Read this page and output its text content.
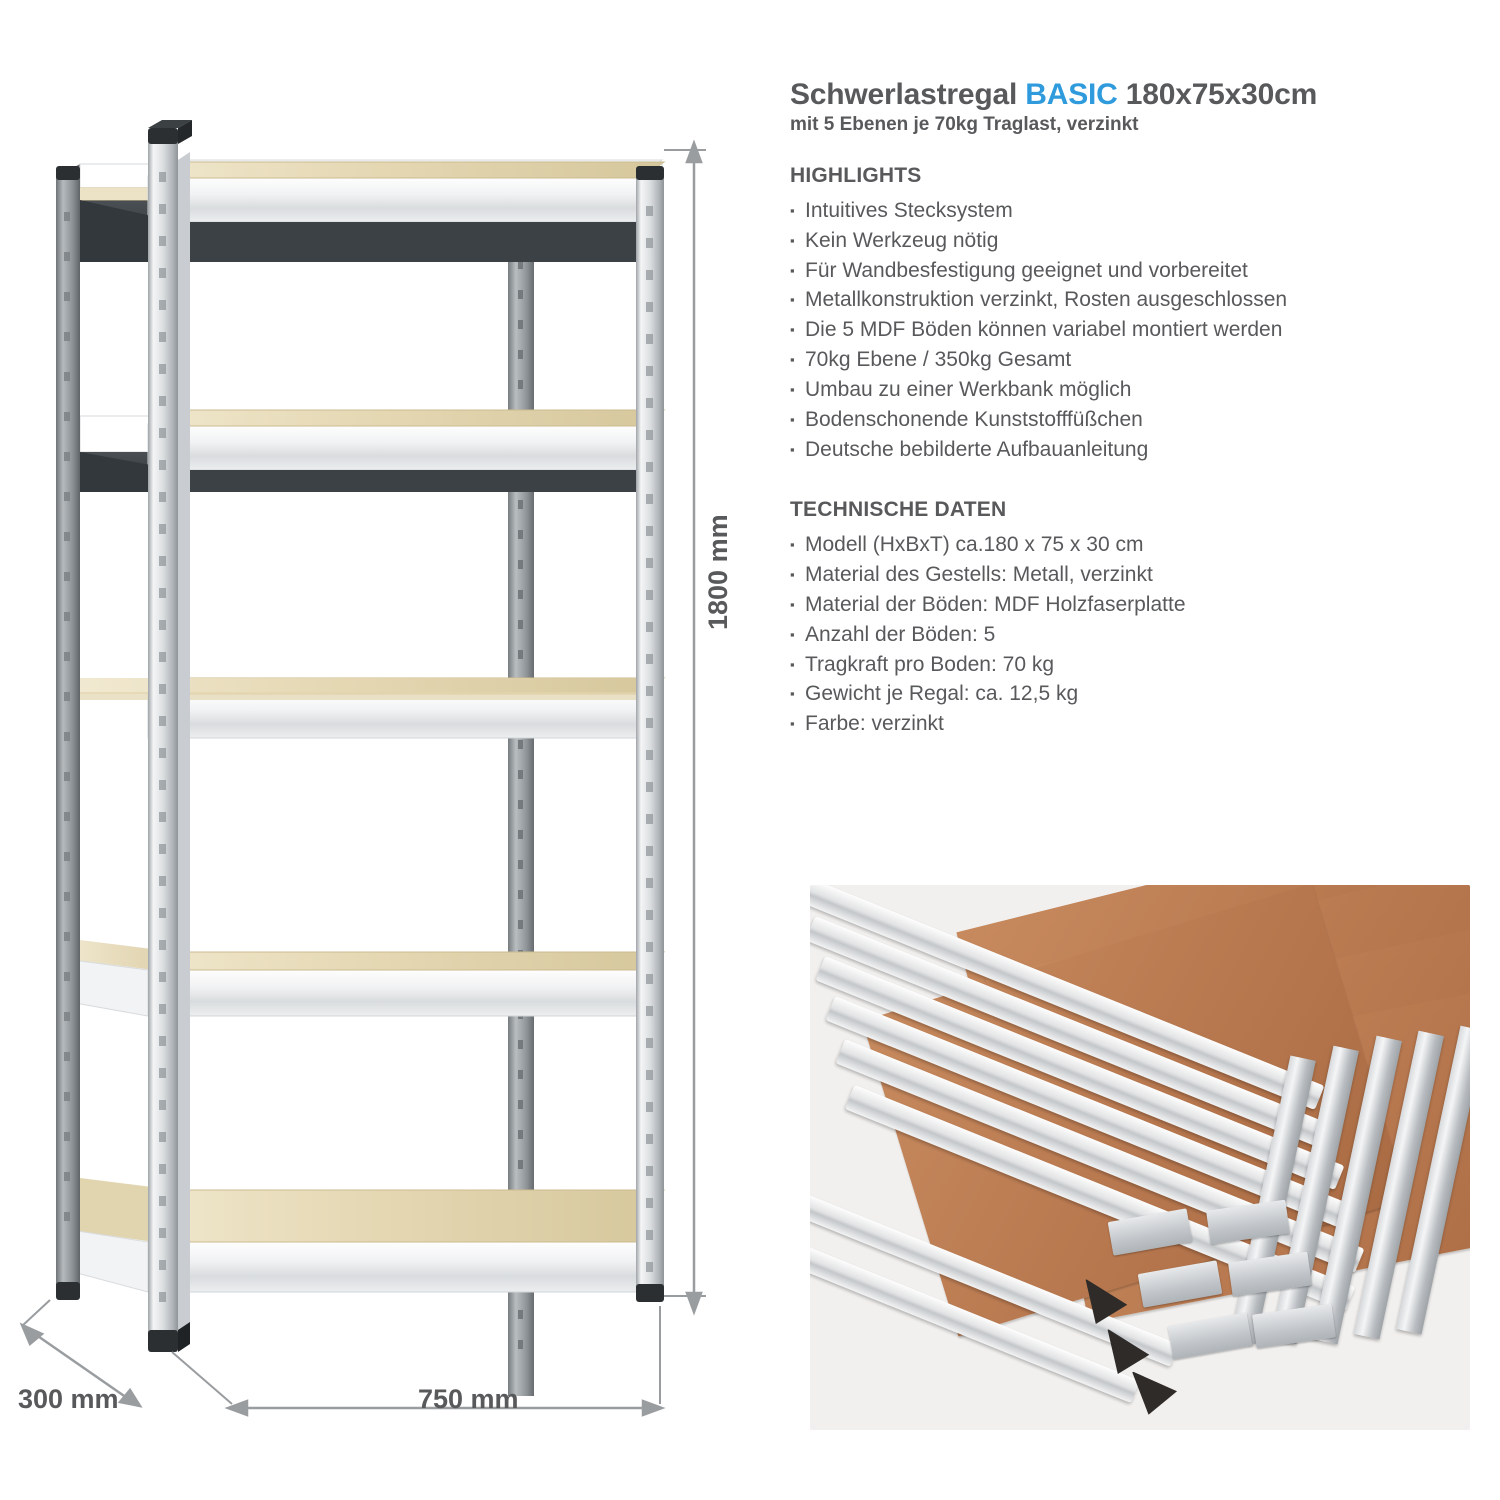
1800 mm
750 mm
300 mm
Schwerlastregal BASIC 180x75x30cm
mit 5 Ebenen je 70kg Traglast, verzinkt
HIGHLIGHTS
▪ Intuitives Stecksystem
▪ Kein Werkzeug nötig
▪ Für Wandbesfestigung geeignet und vorbereitet
▪ Metallkonstruktion verzinkt, Rosten ausgeschlossen
▪ Die 5 MDF Böden können variabel montiert werden
▪ 70kg Ebene / 350kg Gesamt
▪ Umbau zu einer Werkbank möglich
▪ Bodenschonende Kunststofffüßchen
▪ Deutsche bebilderte Aufbauanleitung
TECHNISCHE DATEN
▪ Modell (HxBxT) ca.180 x 75 x 30 cm
▪ Material des Gestells: Metall, verzinkt
▪ Material der Böden: MDF Holzfaserplatte
▪ Anzahl der Böden: 5
▪ Tragkraft pro Boden: 70 kg
▪ Gewicht je Regal: ca. 12,5 kg
▪ Farbe: verzinkt
